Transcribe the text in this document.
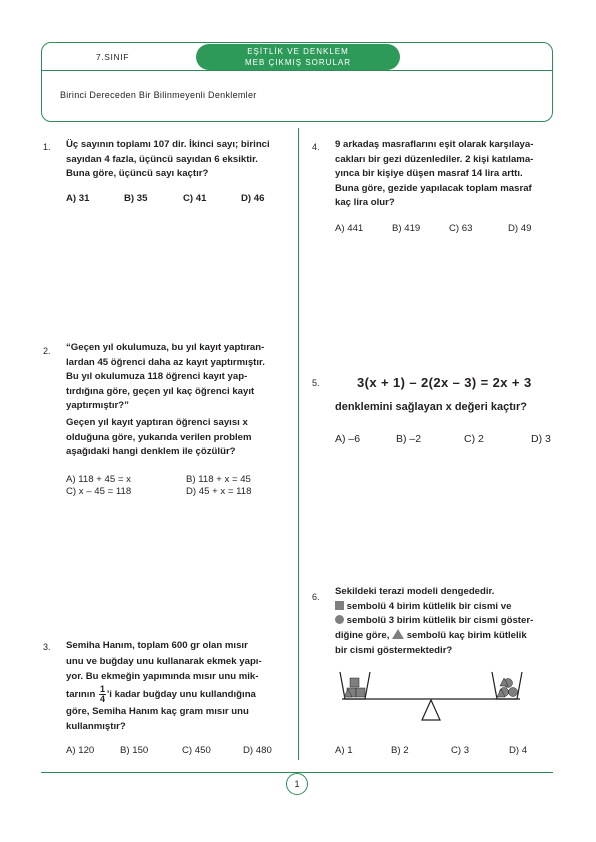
7.SINIF
EŞİTLİK VE DENKLEM
MEB ÇIKMIŞ SORULAR
Birinci Dereceden Bir Bilinmeyenli Denklemler
1
1. Üç sayının toplamı 107 dir. İkinci sayı; birinci
sayıdan 4 fazla, üçüncü sayıdan 6 eksiktir.
Buna göre, üçüncü sayı kaçtır?
A) 31	B) 35	C) 41	D) 46
2. “Geçen yıl okulumuza, bu yıl kayıt yaptıran-
lardan 45 öğrenci daha az kayıt yaptırmıştır.
Bu yıl okulumuza 118 öğrenci kayıt yap-
tırdığına göre, geçen yıl kaç öğrenci kayıt
yaptırmıştır?”
Geçen yıl kayıt yaptıran öğrenci sayısı x
olduğuna göre, yukarıda verilen problem
aşağıdaki hangi denklem ile çözülür?
A) 118 + 45 = x	B) 118 + x = 45
C) x – 45 = 118	D) 45 + x = 118
3. Semiha Hanım, toplam 600 gr olan mısır
unu ve buğday unu kullanarak ekmek yapı-
yor. Bu ekmeğin yapımında mısır unu mik-
tarının $\frac{1}{4}$ 'i kadar buğday unu kullandığına
göre, Semiha Hanım kaç gram mısır unu
kullanmıştır?
A) 120	B) 150	C) 450	D) 480
4. 9 arkadaş masraflarını eşit olarak karşılaya-
cakları bir gezi düzenlediler. 2 kişi katılama-
yınca bir kişiye düşen masraf 14 lira arttı.
Buna göre, gezide yapılacak toplam masraf
kaç lira olur?
A) 441	B) 419	C) 63	D) 49
5.	3(x + 1) – 2(2x – 3) = 2x + 3
denklemini sağlayan x değeri kaçtır?
A) –6	B) –2	C) 2	D) 3
6. Sekildeki terazi modeli dengededir.
sembolü 4 birim kütlelik bir cismi ve
sembolü 3 birim kütlelik bir cismi göster-
diğine göre, sembolü kaç birim kütlelik
bir cismi göstermektedir?
A) 1	B) 2	C) 3	D) 4
